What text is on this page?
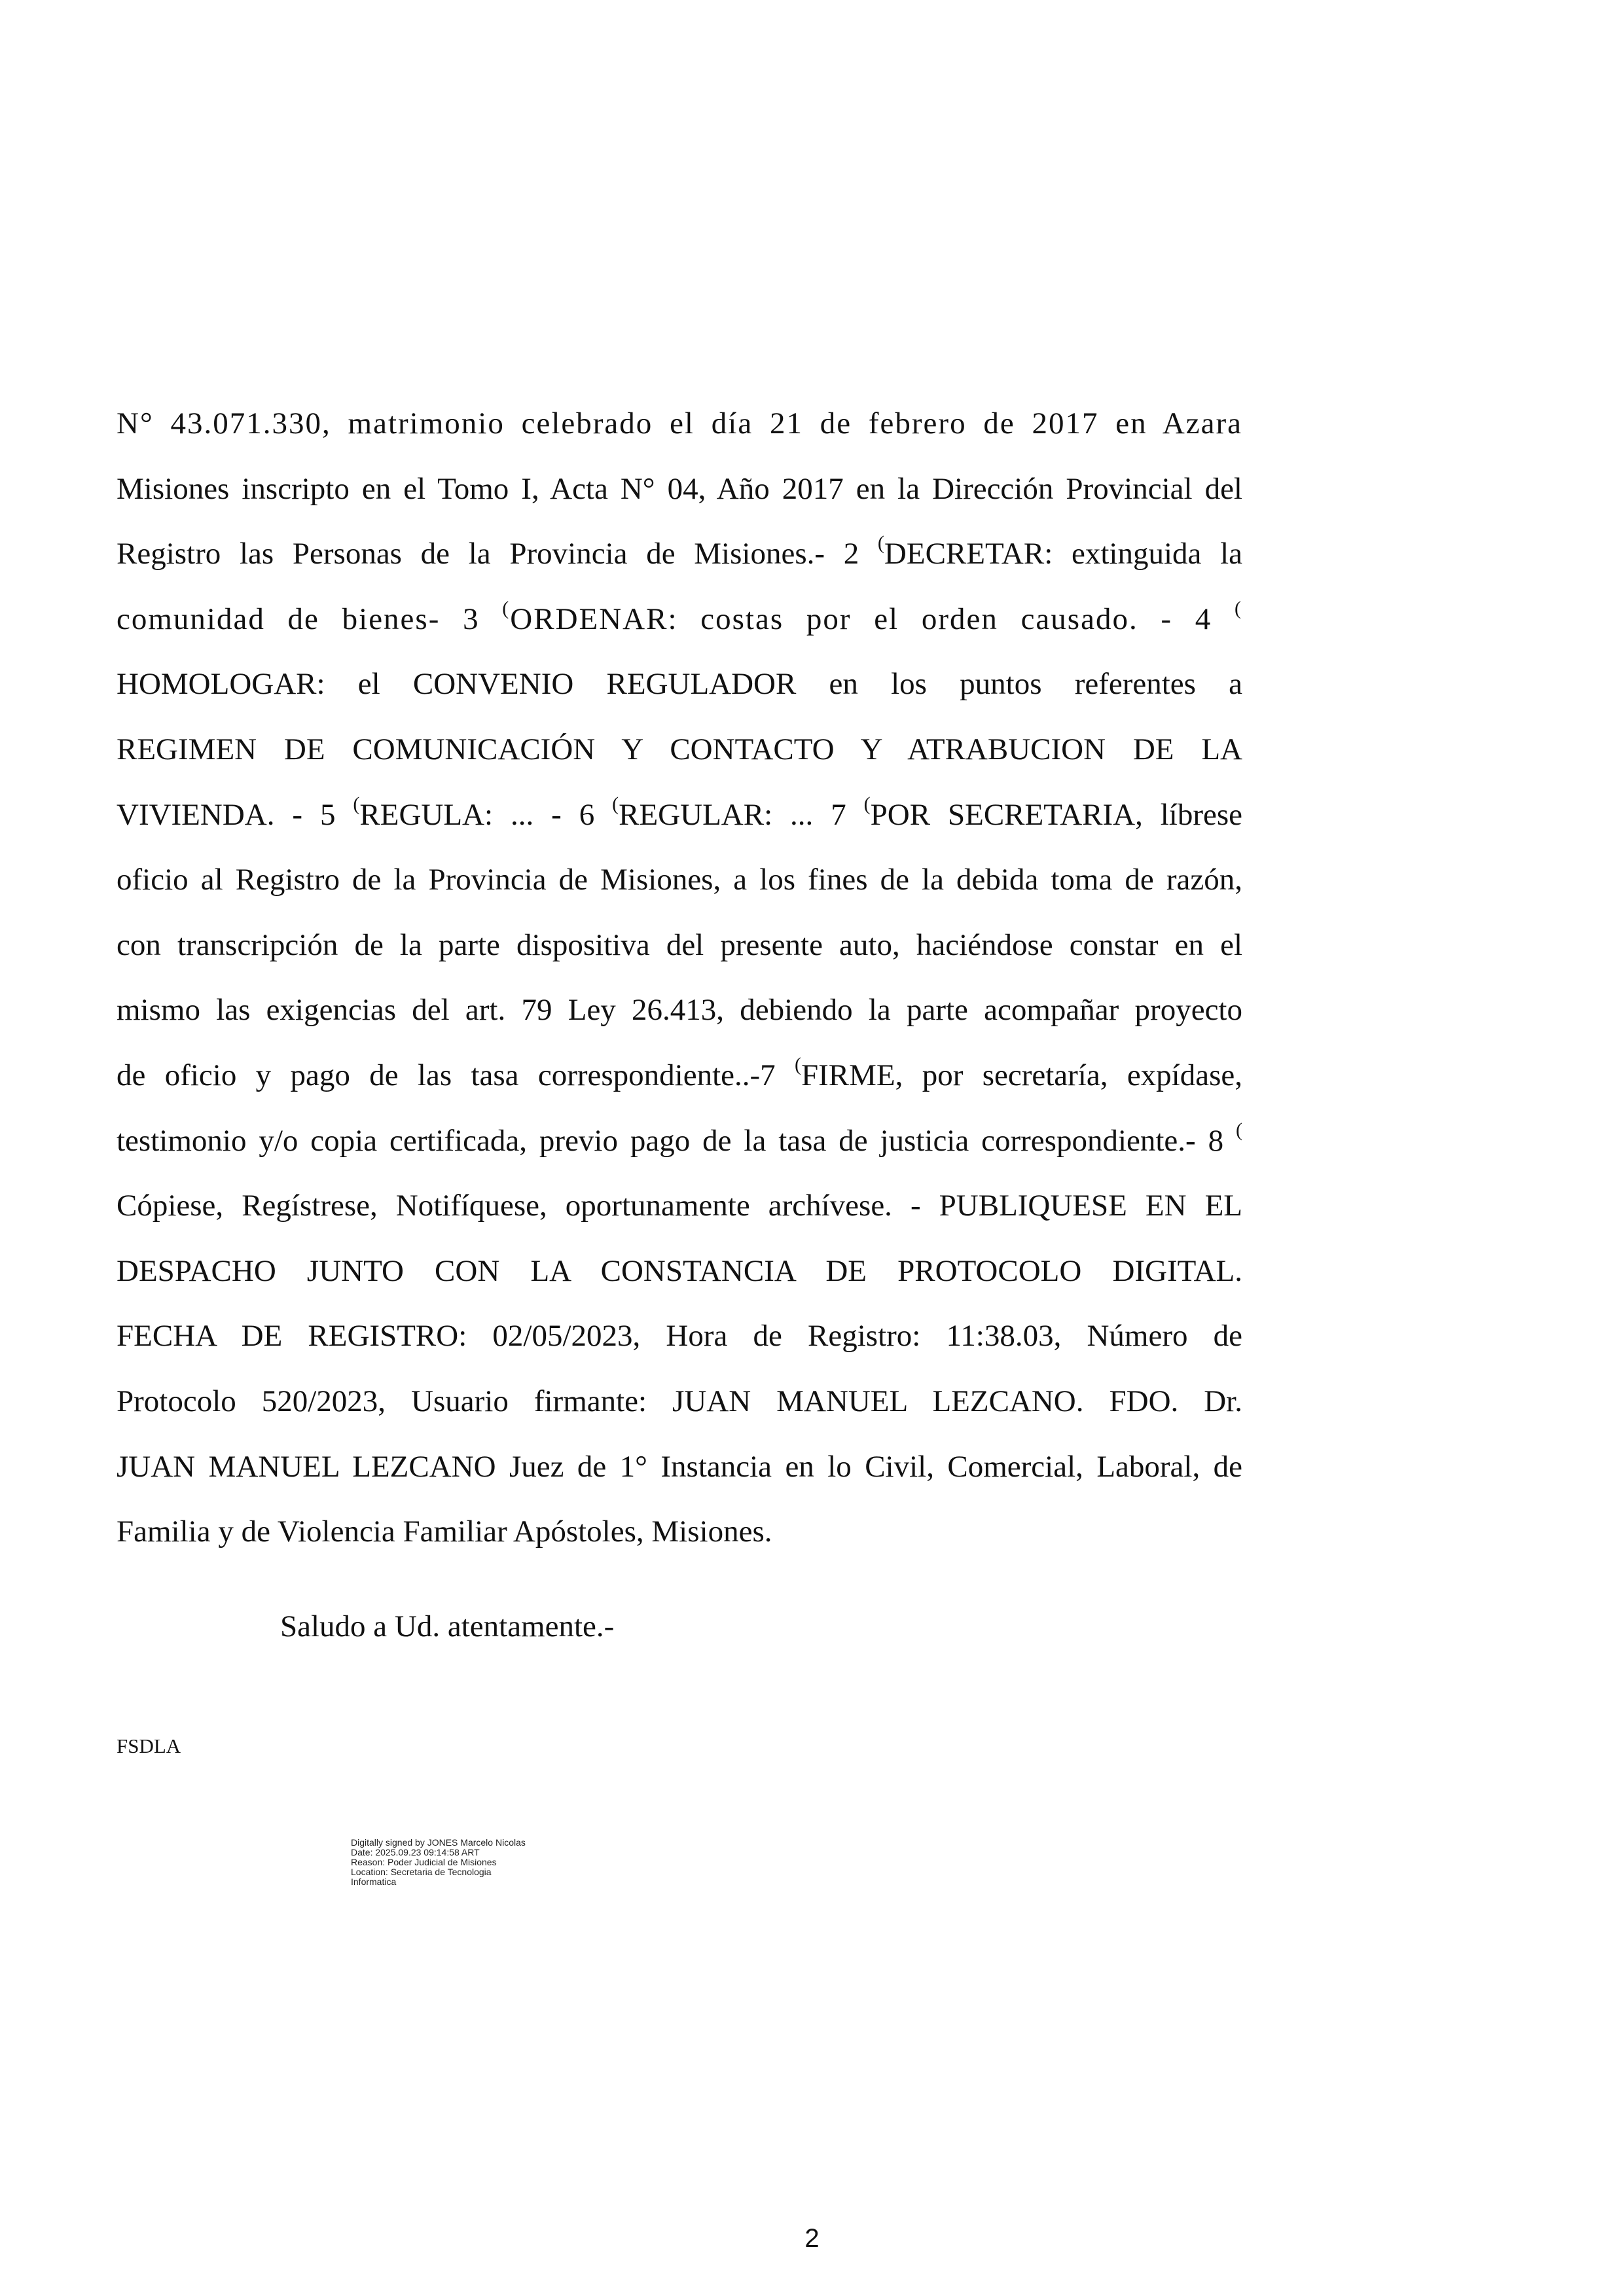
N° 43.071.330, matrimonio celebrado el día 21 de febrero de 2017 en Azara
Misiones inscripto en el Tomo I, Acta N° 04, Año 2017 en la Dirección Provincial del
Registro las Personas de la Provincia de Misiones.- 2 (DECRETAR: extinguida la
comunidad de bienes- 3 (ORDENAR: costas por el orden causado. - 4 (
HOMOLOGAR: el CONVENIO REGULADOR en los puntos referentes a
REGIMEN DE COMUNICACIÓN Y CONTACTO Y ATRABUCION DE LA
VIVIENDA. - 5 (REGULA: ... - 6 (REGULAR: ... 7 (POR SECRETARIA, líbrese
oficio al Registro de la Provincia de Misiones, a los fines de la debida toma de razón,
con transcripción de la parte dispositiva del presente auto, haciéndose constar en el
mismo las exigencias del art. 79 Ley 26.413, debiendo la parte acompañar proyecto
de oficio y pago de las tasa correspondiente..-7 (FIRME, por secretaría, expídase,
testimonio y/o copia certificada, previo pago de la tasa de justicia correspondiente.- 8 (
Cópiese, Regístrese, Notifíquese, oportunamente archívese. - PUBLIQUESE EN EL
DESPACHO JUNTO CON LA CONSTANCIA DE PROTOCOLO DIGITAL.
FECHA DE REGISTRO: 02/05/2023, Hora de Registro: 11:38.03, Número de
Protocolo 520/2023, Usuario firmante: JUAN MANUEL LEZCANO. FDO. Dr.
JUAN MANUEL LEZCANO Juez de 1° Instancia en lo Civil, Comercial, Laboral, de
Familia y de Violencia Familiar Apóstoles, Misiones.

Saludo a Ud. atentamente.-

FSDLA

Digitally signed by JONES Marcelo Nicolas
Date: 2025.09.23 09:14:58 ART
Reason: Poder Judicial de Misiones
Location: Secretaria de Tecnologia
Informatica
2
